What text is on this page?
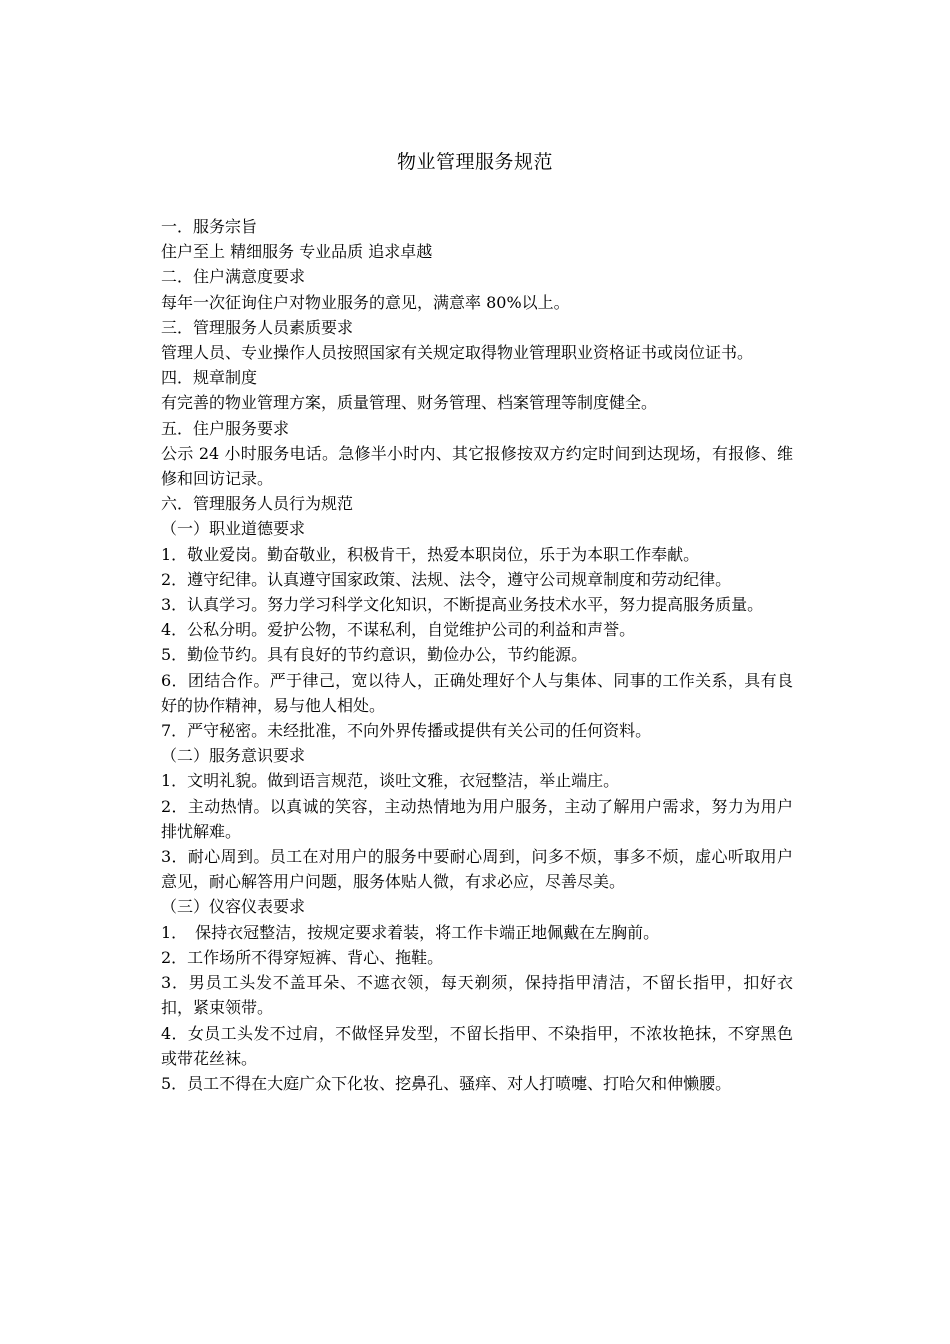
物业管理服务规范

一．服务宗旨

住户至上 精细服务 专业品质 追求卓越

二．住户满意度要求

每年一次征询住户对物业服务的意见，满意率 80%以上。

三．管理服务人员素质要求

管理人员、专业操作人员按照国家有关规定取得物业管理职业资格证书或岗位证书。

四．规章制度

有完善的物业管理方案，质量管理、财务管理、档案管理等制度健全。

五．住户服务要求

公示 24 小时服务电话。急修半小时内、其它报修按双方约定时间到达现场，有报修、维修和回访记录。

六．管理服务人员行为规范

（一）职业道德要求

1．敬业爱岗。勤奋敬业，积极肯干，热爱本职岗位，乐于为本职工作奉献。

2．遵守纪律。认真遵守国家政策、法规、法令，遵守公司规章制度和劳动纪律。

3．认真学习。努力学习科学文化知识，不断提高业务技术水平，努力提高服务质量。

4．公私分明。爱护公物，不谋私利，自觉维护公司的利益和声誉。

5．勤俭节约。具有良好的节约意识，勤俭办公，节约能源。

6．团结合作。严于律己，宽以待人，正确处理好个人与集体、同事的工作关系，具有良好的协作精神，易与他人相处。

7．严守秘密。未经批准，不向外界传播或提供有关公司的任何资料。

（二）服务意识要求

1．文明礼貌。做到语言规范，谈吐文雅，衣冠整洁，举止端庄。

2．主动热情。以真诚的笑容，主动热情地为用户服务，主动了解用户需求，努力为用户排忧解难。

3．耐心周到。员工在对用户的服务中要耐心周到，问多不烦，事多不烦，虚心听取用户意见，耐心解答用户问题，服务体贴人微，有求必应，尽善尽美。

（三）仪容仪表要求

1．　保持衣冠整洁，按规定要求着装，将工作卡端正地佩戴在左胸前。

2．工作场所不得穿短裤、背心、拖鞋。

3．男员工头发不盖耳朵、不遮衣领，每天剃须，保持指甲清洁，不留长指甲，扣好衣扣，紧束领带。

4．女员工头发不过肩，不做怪异发型，不留长指甲、不染指甲，不浓妆艳抹，不穿黑色或带花丝袜。

5．员工不得在大庭广众下化妆、挖鼻孔、骚痒、对人打喷嚏、打哈欠和伸懒腰。
